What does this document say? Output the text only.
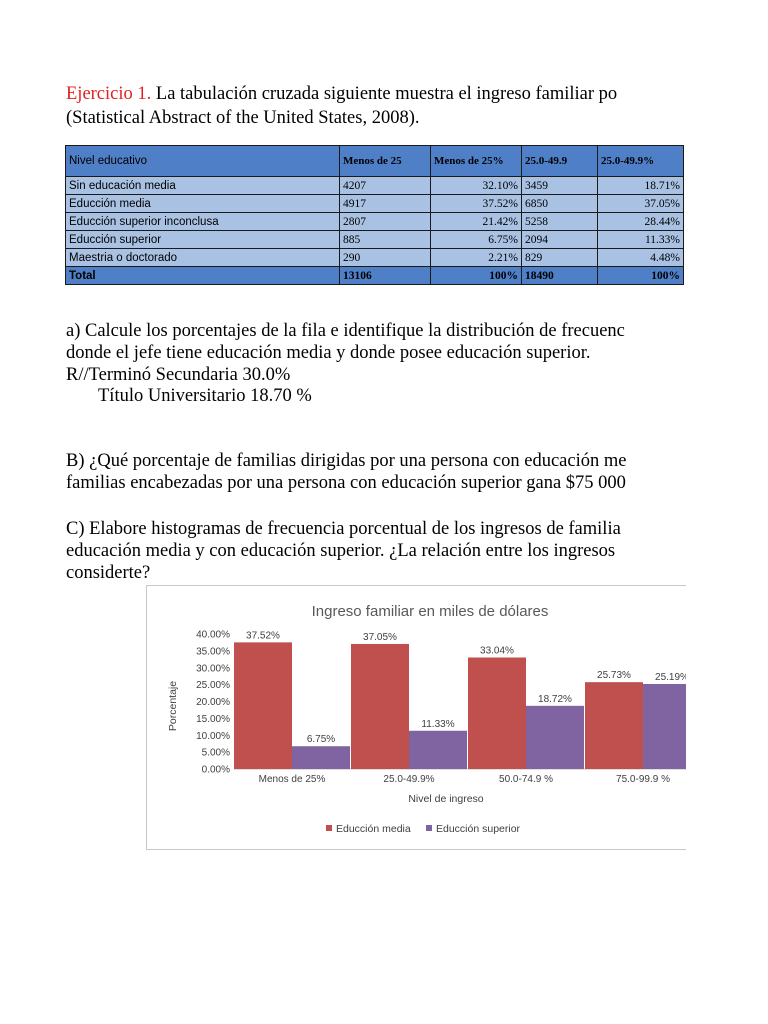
Ejercicio 1. La tabulación cruzada siguiente muestra el ingreso familiar po
(Statistical Abstract of the United States, 2008).
Nivel educativo	Menos de 25	Menos de 25%	25.0-49.9	25.0-49.9%
Sin educación media	4207	32.10%	3459	18.71%
Educción media	4917	37.52%	6850	37.05%
Educción superior inconclusa	2807	21.42%	5258	28.44%
Educción superior	885	6.75%	2094	11.33%
Maestria o doctorado	290	2.21%	829	4.48%
Total	13106	100%	18490	100%
a) Calcule los porcentajes de la fila e identifique la distribución de frecuenc
donde el jefe tiene educación media y donde posee educación superior.
R//Terminó Secundaria 30.0%
Título Universitario 18.70 %
B) ¿Qué porcentaje de familias dirigidas por una persona con educación me
familias encabezadas por una persona con educación superior gana $75 000
C) Elabore histogramas de frecuencia porcentual de los ingresos de familia
educación media y con educación superior. ¿La relación entre los ingresos
considerte?
Ingreso familiar en miles de dólares
Porcentaje
Nivel de ingreso
0.00%
5.00%
10.00%
15.00%
20.00%
25.00%
30.00%
35.00%
40.00% 37.52%
6.75%
37.05%
11.33%
33.04%
18.72%
25.73% 25.19%
Menos de 25%	25.0-49.9%	50.0-74.9 %	75.0-99.9 %
Educción media Educción superior
